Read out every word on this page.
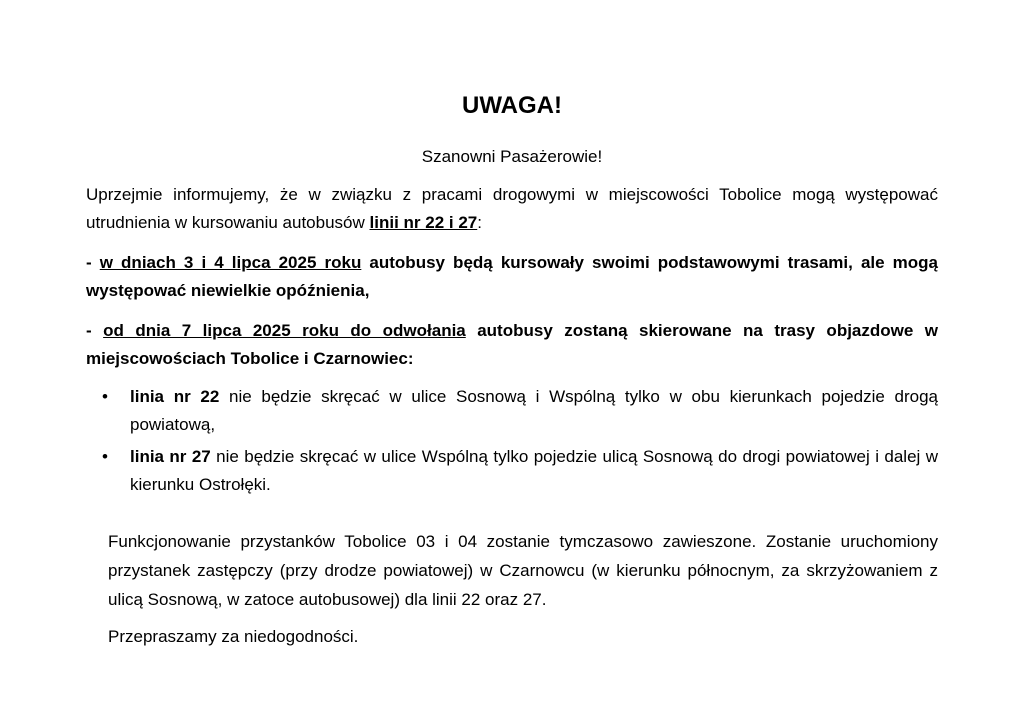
UWAGA!

Szanowni Pasażerowie!

Uprzejmie informujemy, że w związku z pracami drogowymi w miejscowości Tobolice mogą występować utrudnienia w kursowaniu autobusów linii nr 22 i 27:

- w dniach 3 i 4 lipca 2025 roku autobusy będą kursowały swoimi podstawowymi trasami, ale mogą występować niewielkie opóźnienia,

- od dnia 7 lipca 2025 roku do odwołania autobusy zostaną skierowane na trasy objazdowe w miejscowościach Tobolice i Czarnowiec:

•	linia nr 22 nie będzie skręcać w ulice Sosnową i Wspólną tylko w obu kierunkach pojedzie drogą powiatową,
•	linia nr 27 nie będzie skręcać w ulice Wspólną tylko pojedzie ulicą Sosnową do drogi powiatowej i dalej w kierunku Ostrołęki.

Funkcjonowanie przystanków Tobolice 03 i 04 zostanie tymczasowo zawieszone. Zostanie uruchomiony przystanek zastępczy (przy drodze powiatowej) w Czarnowcu (w kierunku północnym, za skrzyżowaniem z ulicą Sosnową, w zatoce autobusowej) dla linii 22 oraz 27.

Przepraszamy za niedogodności.
